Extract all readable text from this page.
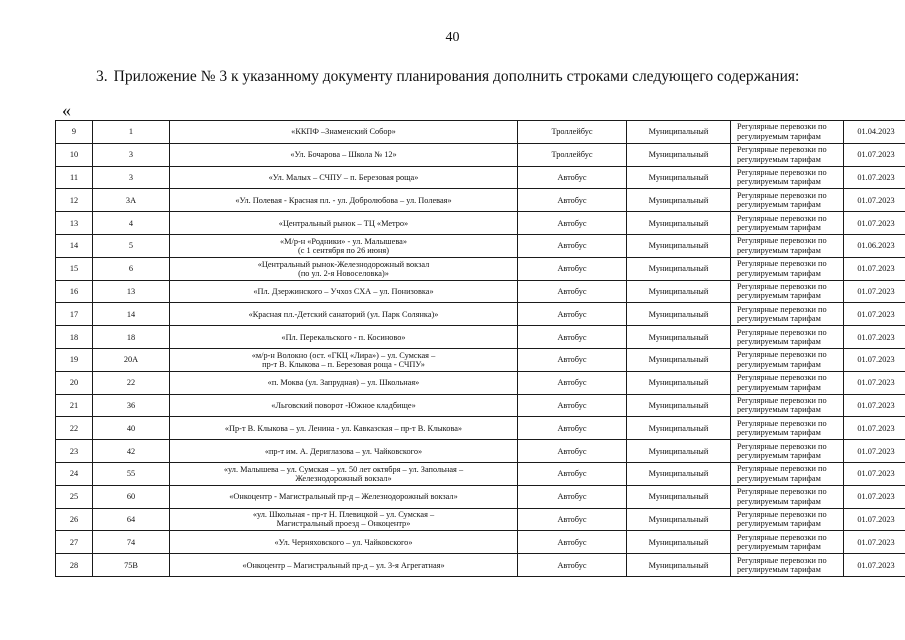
40
3. Приложение № 3 к указанному документу планирования дополнить строками следующего содержания:
«
9	1	«ККПФ –Знаменский Собор»	Троллейбус	Муниципальный	Регулярные перевозки по
регулируемым тарифам	01.04.2023
10	3	«Ул. Бочарова – Школа № 12»	Троллейбус	Муниципальный	Регулярные перевозки по
регулируемым тарифам	01.07.2023
11	3	«Ул. Малых – СЧПУ – п. Березовая роща»	Автобус	Муниципальный	Регулярные перевозки по
регулируемым тарифам	01.07.2023
12	3А	«Ул. Полевая - Красная пл. - ул. Добролюбова – ул. Полевая»	Автобус	Муниципальный	Регулярные перевозки по
регулируемым тарифам	01.07.2023
13	4	«Центральный рынок – ТЦ «Метро»	Автобус	Муниципальный	Регулярные перевозки по
регулируемым тарифам	01.07.2023
14	5	«М/р-н «Родники» - ул. Малышева»
(с 1 сентября по 26 июня)	Автобус	Муниципальный	Регулярные перевозки по
регулируемым тарифам	01.06.2023
15	6	«Центральный рынок-Железнодорожный вокзал
(по ул. 2-я Новоселовка)»	Автобус	Муниципальный	Регулярные перевозки по
регулируемым тарифам	01.07.2023
16	13	«Пл. Дзержинского – Учхоз СХА – ул. Понизовка»	Автобус	Муниципальный	Регулярные перевозки по
регулируемым тарифам	01.07.2023
17	14	«Красная пл.-Детский санаторий (ул. Парк Солянка)»	Автобус	Муниципальный	Регулярные перевозки по
регулируемым тарифам	01.07.2023
18	18	«Пл. Перекальского - п. Косиново»	Автобус	Муниципальный	Регулярные перевозки по
регулируемым тарифам	01.07.2023
19	20А	«м/р-н Волокно (ост. «ГКЦ «Лира») – ул. Сумская –
пр-т В. Клыкова – п. Березовая роща - СЧПУ»	Автобус	Муниципальный	Регулярные перевозки по
регулируемым тарифам	01.07.2023
20	22	«п. Моква (ул. Запрудная) – ул. Школьная»	Автобус	Муниципальный	Регулярные перевозки по
регулируемым тарифам	01.07.2023
21	36	«Льговский поворот -Южное кладбище»	Автобус	Муниципальный	Регулярные перевозки по
регулируемым тарифам	01.07.2023
22	40	«Пр-т В. Клыкова – ул. Ленина - ул. Кавказская – пр-т В. Клыкова»	Автобус	Муниципальный	Регулярные перевозки по
регулируемым тарифам	01.07.2023
23	42	«пр-т им. А. Дериглазова – ул. Чайковского»	Автобус	Муниципальный	Регулярные перевозки по
регулируемым тарифам	01.07.2023
24	55	«ул. Малышева – ул. Сумская – ул. 50 лет октября – ул. Запольная –
Железнодорожный вокзал»	Автобус	Муниципальный	Регулярные перевозки по
регулируемым тарифам	01.07.2023
25	60	«Онкоцентр - Магистральный пр-д – Железнодорожный вокзал»	Автобус	Муниципальный	Регулярные перевозки по
регулируемым тарифам	01.07.2023
26	64	«ул. Школьная - пр-т Н. Плевицкой – ул. Сумская –
Магистральный проезд – Онкоцентр»	Автобус	Муниципальный	Регулярные перевозки по
регулируемым тарифам	01.07.2023
27	74	«Ул. Черняховского – ул. Чайковского»	Автобус	Муниципальный	Регулярные перевозки по
регулируемым тарифам	01.07.2023
28	75В	«Онкоцентр – Магистральный пр-д – ул. 3-я Агрегатная»	Автобус	Муниципальный	Регулярные перевозки по
регулируемым тарифам	01.07.2023
